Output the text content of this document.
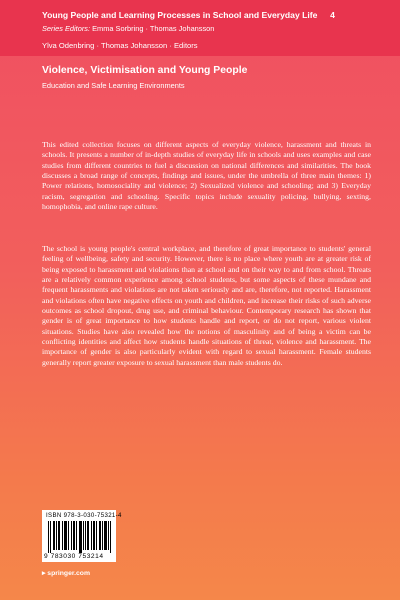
Young People and Learning Processes in School and Everyday Life 4
Series Editors: Emma Sorbring · Thomas Johansson
Ylva Odenbring · Thomas Johansson · Editors
Violence, Victimisation and Young People
Education and Safe Learning Environments
This edited collection focuses on different aspects of everyday violence, harassment and threats in schools. It presents a number of in-depth studies of everyday life in schools and uses examples and case studies from different countries to fuel a discussion on national differences and similarities. The book discusses a broad range of concepts, findings and issues, under the umbrella of three main themes: 1) Power relations, homosociality and violence; 2) Sexualized violence and schooling; and 3) Everyday racism, segregation and schooling. Specific topics include sexuality policing, bullying, sexting, homophobia, and online rape culture.
The school is young people's central workplace, and therefore of great importance to students' general feeling of wellbeing, safety and security. However, there is no place where youth are at greater risk of being exposed to harassment and violations than at school and on their way to and from school. Threats are a relatively common experience among school students, but some aspects of these mundane and frequent harassments and violations are not taken seriously and are, therefore, not reported. Harassment and violations often have negative effects on youth and children, and increase their risks of such adverse outcomes as school dropout, drug use, and criminal behaviour. Contemporary research has shown that gender is of great importance to how students handle and report, or do not report, various violent situations. Studies have also revealed how the notions of masculinity and of being a victim can be conflicting identities and affect how students handle situations of threat, violence and harassment. The importance of gender is also particularly evident with regard to sexual harassment. Female students generally report greater exposure to sexual harassment than male students do.
ISBN 978-3-030-75321-4
9 783030 753214
▸ springer.com
